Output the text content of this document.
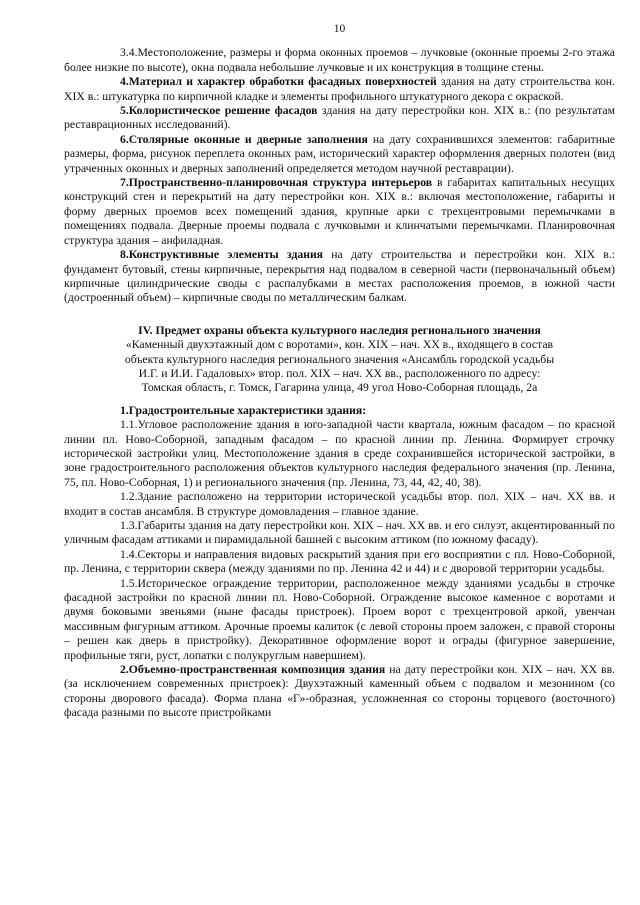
10

3.4.Местоположение, размеры и форма оконных проемов – лучковые (оконные проемы 2-го этажа более низкие по высоте), окна подвала небольшие лучковые и их конструкция в толщине стены.

4.Материал и характер обработки фасадных поверхностей здания на дату строительства кон. XIX в.: штукатурка по кирпичной кладке и элементы профильного штукатурного декора с окраской.

5.Колористическое решение фасадов здания на дату перестройки кон. XIX в.: (по результатам реставрационных исследований).

6.Столярные оконные и дверные заполнения на дату сохранившихся элементов: габаритные размеры, форма, рисунок переплета оконных рам, исторический характер оформления дверных полотен (вид утраченных оконных и дверных заполнений определяется методом научной реставрации).

7.Пространственно-планировочная структура интерьеров в габаритах капитальных несущих конструкций стен и перекрытий на дату перестройки кон. XIX в.: включая местоположение, габариты и форму дверных проемов всех помещений здания, крупные арки с трехцентровыми перемычками в помещениях подвала. Дверные проемы подвала с лучковыми и клинчатыми перемычками. Планировочная структура здания – анфиладная.

8.Конструктивные элементы здания на дату строительства и перестройки кон. XIX в.: фундамент бутовый, стены кирпичные, перекрытия над подвалом в северной части (первоначальный объем) кирпичные цилиндрические своды с распалубками в местах расположения проемов, в южной части (достроенный объем) – кирпичные своды по металлическим балкам.

IV. Предмет охраны объекта культурного наследия регионального значения
«Каменный двухэтажный дом с воротами», кон. XIX – нач. XX в., входящего в состав
объекта культурного наследия регионального значения «Ансамбль городской усадьбы
И.Г. и И.И. Гадаловых» втор. пол. XIX – нач. XX вв., расположенного по адресу:
Томская область, г. Томск, Гагарина улица, 49 угол Ново-Соборная площадь, 2а

1.Градостроительные характеристики здания:

1.1.Угловое расположение здания в юго-западной части квартала, южным фасадом – по красной линии пл. Ново-Соборной, западным фасадом – по красной линии пр. Ленина. Формирует строчку исторической застройки улиц. Местоположение здания в среде сохранившейся исторической застройки, в зоне градостроительного расположения объектов культурного наследия федерального значения (пр. Ленина, 75, пл. Ново-Соборная, 1) и регионального значения (пр. Ленина, 73, 44, 42, 40, 38).

1.2.Здание расположено на территории исторической усадьбы втор. пол. XIX – нач. XX вв. и входит в состав ансамбля. В структуре домовладения – главное здание.

1.3.Габариты здания на дату перестройки кон. XIX – нач. XX вв. и его силуэт, акцентированный по уличным фасадам аттиками и пирамидальной башней с высоким аттиком (по южному фасаду).

1.4.Секторы и направления видовых раскрытий здания при его восприятии с пл. Ново-Соборной, пр. Ленина, с территории сквера (между зданиями по пр. Ленина 42 и 44) и с дворовой территории усадьбы.

1.5.Историческое ограждение территории, расположенное между зданиями усадьбы в строчке фасадной застройки по красной линии пл. Ново-Соборной. Ограждение высокое каменное с воротами и двумя боковыми звеньями (ныне фасады пристроек). Проем ворот с трехцентровой аркой, увенчан массивным фигурным аттиком. Арочные проемы калиток (с левой стороны проем заложен, с правой стороны – решен как дверь в пристройку). Декоративное оформление ворот и ограды (фигурное завершение, профильные тяги, руст, лопатки с полукруглым навершием).

2.Объемно-пространственная композиция здания на дату перестройки кон. XIX – нач. XX вв. (за исключением современных пристроек): Двухэтажный каменный объем с подвалом и мезонином (со стороны дворового фасада). Форма плана «Г»-образная, усложненная со стороны торцевого (восточного) фасада разными по высоте пристройками
